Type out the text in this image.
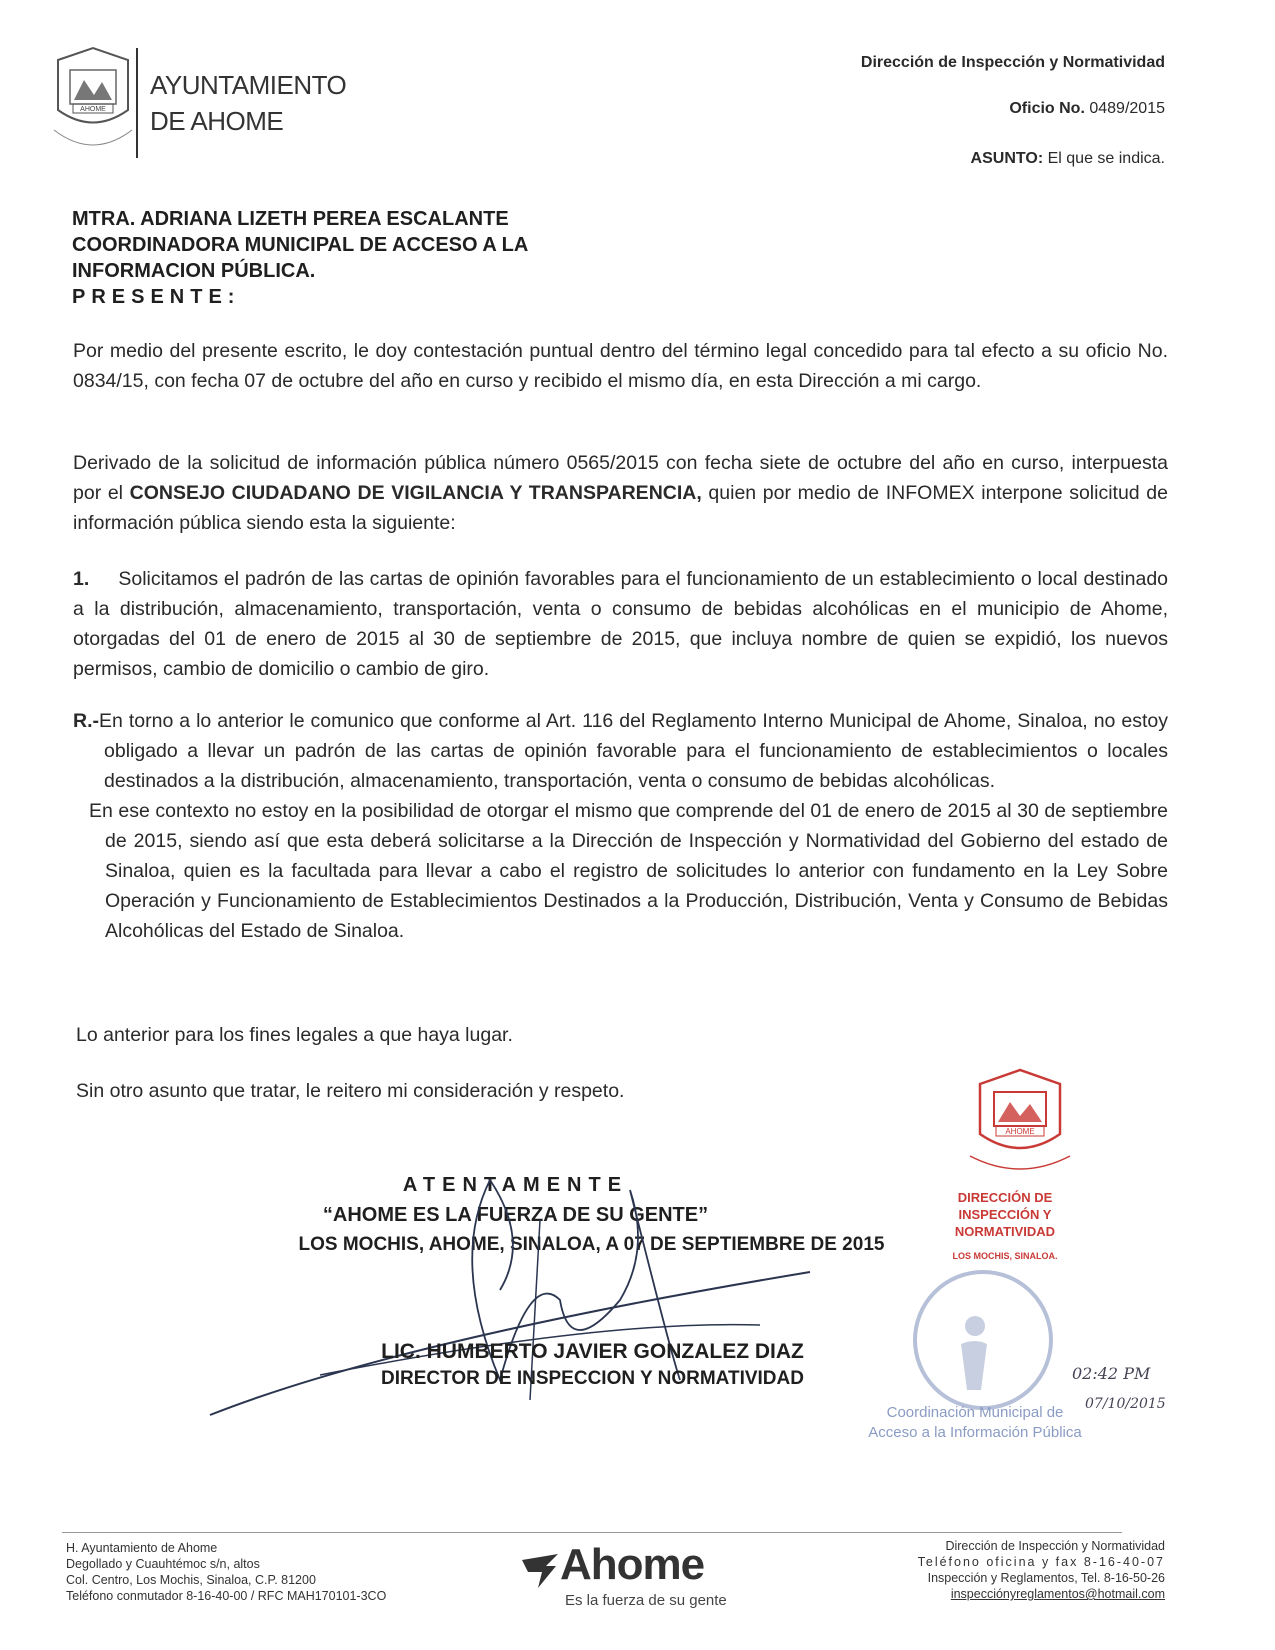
AHOME
AYUNTAMIENTO
DE AHOME
Dirección de Inspección y Normatividad
Oficio No. 0489/2015
ASUNTO: El que se indica.
MTRA. ADRIANA LIZETH PEREA ESCALANTE
COORDINADORA MUNICIPAL DE ACCESO A LA
INFORMACION PÚBLICA.
PRESENTE:
Por medio del presente escrito, le doy contestación puntual dentro del término legal concedido para tal efecto a su oficio No. 0834/15, con fecha 07 de octubre del año en curso y recibido el mismo día, en esta Dirección a mi cargo.
Derivado de la solicitud de información pública número 0565/2015 con fecha siete de octubre del año en curso, interpuesta por el CONSEJO CIUDADANO DE VIGILANCIA Y TRANSPARENCIA, quien por medio de INFOMEX interpone solicitud de información pública siendo esta la siguiente:
1. Solicitamos el padrón de las cartas de opinión favorables para el funcionamiento de un establecimiento o local destinado a la distribución, almacenamiento, transportación, venta o consumo de bebidas alcohólicas en el municipio de Ahome, otorgadas del 01 de enero de 2015 al 30 de septiembre de 2015, que incluya nombre de quien se expidió, los nuevos permisos, cambio de domicilio o cambio de giro.
R.-En torno a lo anterior le comunico que conforme al Art. 116 del Reglamento Interno Municipal de Ahome, Sinaloa, no estoy obligado a llevar un padrón de las cartas de opinión favorable para el funcionamiento de establecimientos o locales destinados a la distribución, almacenamiento, transportación, venta o consumo de bebidas alcohólicas.
En ese contexto no estoy en la posibilidad de otorgar el mismo que comprende del 01 de enero de 2015 al 30 de septiembre de 2015, siendo así que esta deberá solicitarse a la Dirección de Inspección y Normatividad del Gobierno del estado de Sinaloa, quien es la facultada para llevar a cabo el registro de solicitudes lo anterior con fundamento en la Ley Sobre Operación y Funcionamiento de Establecimientos Destinados a la Producción, Distribución, Venta y Consumo de Bebidas Alcohólicas del Estado de Sinaloa.
Lo anterior para los fines legales a que haya lugar.
Sin otro asunto que tratar, le reitero mi consideración y respeto.
ATENTAMENTE
“AHOME ES LA FUERZA DE SU GENTE”
LOS MOCHIS, AHOME, SINALOA, A 07 DE SEPTIEMBRE DE 2015
LIC. HUMBERTO JAVIER GONZALEZ DIAZ
DIRECTOR DE INSPECCION Y NORMATIVIDAD
AHOME
DIRECCIÓN DE
INSPECCIÓN Y
NORMATIVIDAD
LOS MOCHIS, SINALOA.
Coordinación Municipal de
Acceso a la Información Pública
02:42 PM
07/10/2015
H. Ayuntamiento de Ahome
Degollado y Cuauhtémoc s/n, altos
Col. Centro, Los Mochis, Sinaloa, C.P. 81200
Teléfono conmutador 8-16-40-00 / RFC MAH170101-3CO
Ahome
Es la fuerza de su gente
Dirección de Inspección y Normatividad
Teléfono oficina y fax 8-16-40-07
Inspección y Reglamentos, Tel. 8-16-50-26
inspecciónyreglamentos@hotmail.com
